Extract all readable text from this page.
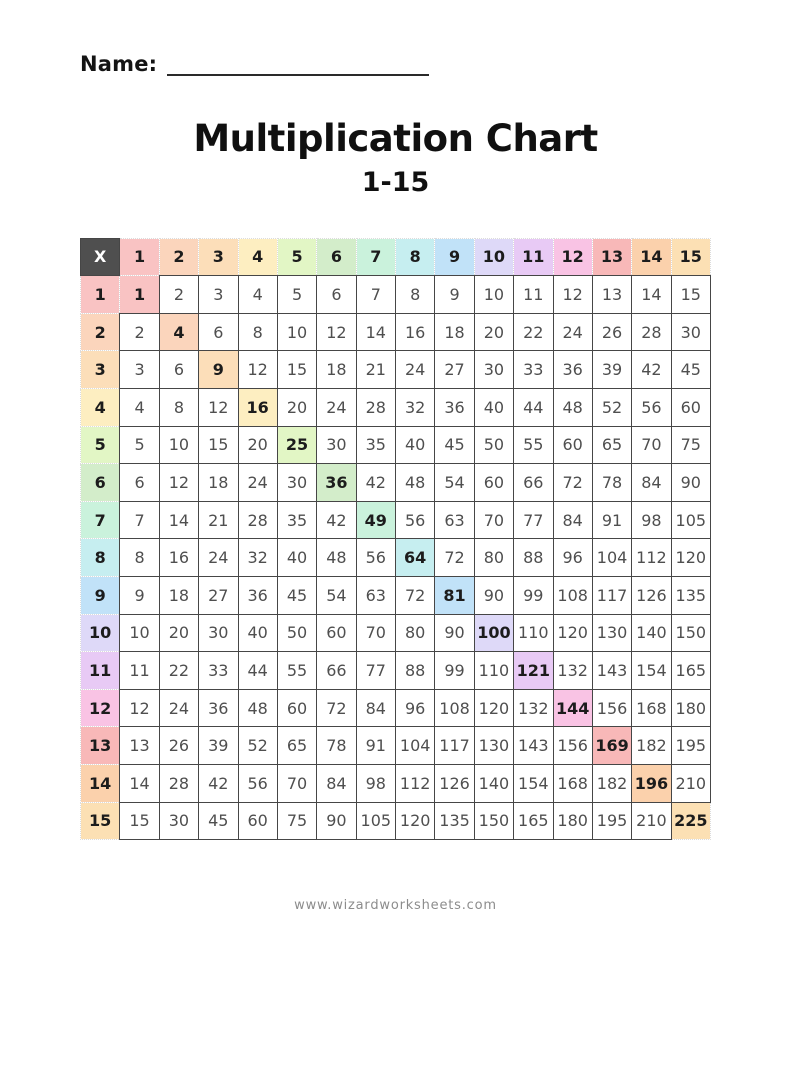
Name:
Multiplication Chart
1-15
X	1	2	3	4	5	6	7	8	9	10	11	12	13	14	15
1	1	2	3	4	5	6	7	8	9	10	11	12	13	14	15
2	2	4	6	8	10	12	14	16	18	20	22	24	26	28	30
3	3	6	9	12	15	18	21	24	27	30	33	36	39	42	45
4	4	8	12	16	20	24	28	32	36	40	44	48	52	56	60
5	5	10	15	20	25	30	35	40	45	50	55	60	65	70	75
6	6	12	18	24	30	36	42	48	54	60	66	72	78	84	90
7	7	14	21	28	35	42	49	56	63	70	77	84	91	98	105
8	8	16	24	32	40	48	56	64	72	80	88	96	104	112	120
9	9	18	27	36	45	54	63	72	81	90	99	108	117	126	135
10	10	20	30	40	50	60	70	80	90	100	110	120	130	140	150
11	11	22	33	44	55	66	77	88	99	110	121	132	143	154	165
12	12	24	36	48	60	72	84	96	108	120	132	144	156	168	180
13	13	26	39	52	65	78	91	104	117	130	143	156	169	182	195
14	14	28	42	56	70	84	98	112	126	140	154	168	182	196	210
15	15	30	45	60	75	90	105	120	135	150	165	180	195	210	225
www.wizardworksheets.com
